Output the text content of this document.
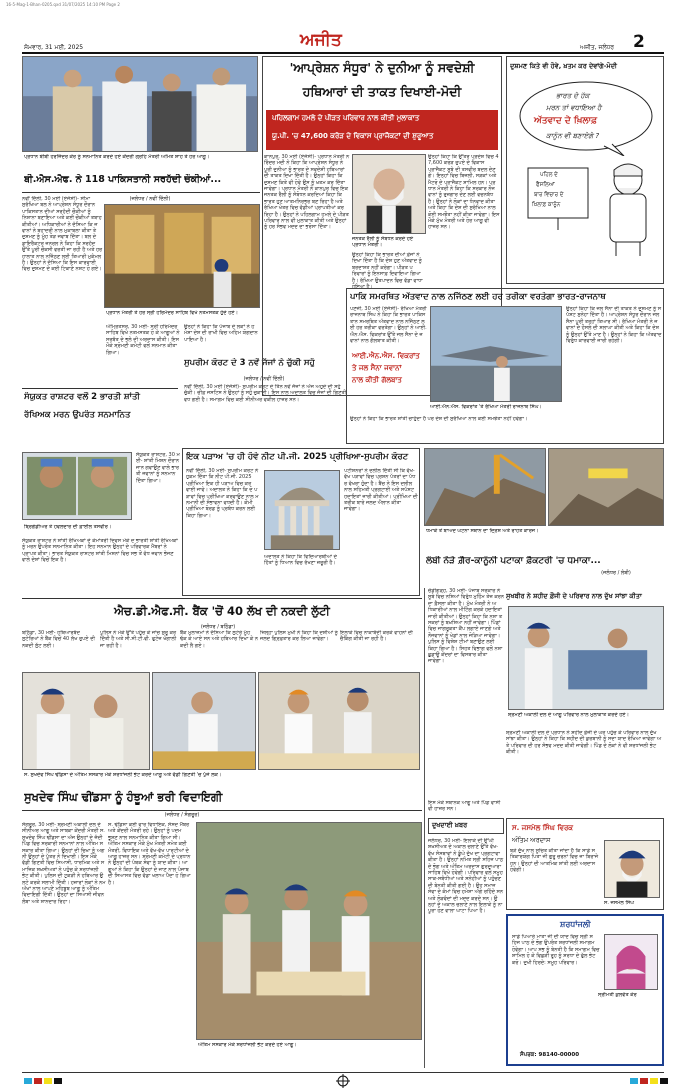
16-5-Mag-1-Bhan-0205.qxd 31/07/2025 14:10 PM Page 2
ਸੋਮਵਾਰ, 31 ਮਈ, 2025	ਅਜੀਤ	ਅਜੀਤ, ਜਲੰਧਰ 2
ਪ੍ਰਧਾਨ ਬੀਬੀ ਹਰਜਿੰਦਰ ਕੌਰ ਨੂੰ ਸਨਮਾਨਿਤ ਕਰਦੇ ਹੋਏ ਕੇਂਦਰੀ ਗ੍ਰਹਿ ਮੰਤਰੀ ਅਮਿਤ ਸ਼ਾਹ ਤੇ ਹੋਰ ਆਗੂ।
ਬੀ.ਐਸ.ਐਫ. ਨੇ 118 ਪਾਕਿਸਤਾਨੀ ਸਰਹੱਦੀ ਚੌਕੀਆਂ...
ਨਵੀਂ ਦਿੱਲੀ, 30 ਮਈ (ਏਜੰਸੀ)- ਸੀਮਾ ਸੁਰੱਖਿਆ ਬਲ ਨੇ ਆਪ੍ਰੇਸ਼ਨ ਸੰਧੂਰ ਦੌਰਾਨ ਪਾਕਿਸਤਾਨ ਦੀਆਂ ਸਰਹੱਦੀ ਚੌਕੀਆਂ ਨੂੰ ਨਿਸ਼ਾਨਾ ਬਣਾਇਆ ਅਤੇ ਕਈ ਚੌਕੀਆਂ ਤਬਾਹ ਕੀਤੀਆਂ। ਅਧਿਕਾਰੀਆਂ ਨੇ ਦੱਸਿਆ ਕਿ ਜਵਾਨਾਂ ਨੇ ਬਹਾਦਰੀ ਨਾਲ ਮੁਕਾਬਲਾ ਕੀਤਾ ਤੇ ਦੁਸ਼ਮਣ ਨੂੰ ਮੂੰਹ ਤੋੜ ਜਵਾਬ ਦਿੱਤਾ। ਬਲ ਦੇ ਡਾਇਰੈਕਟਰ ਜਨਰਲ ਨੇ ਕਿਹਾ ਕਿ ਸਰਹੱਦ ਉੱਤੇ ਪੂਰੀ ਚੌਕਸੀ ਵਰਤੀ ਜਾ ਰਹੀ ਹੈ ਅਤੇ ਹਰ ਹਾਲਾਤ ਨਾਲ ਨਜਿੱਠਣ ਲਈ ਤਿਆਰੀ ਮੁਕੰਮਲ ਹੈ। ਉਨ੍ਹਾਂ ਨੇ ਦੱਸਿਆ ਕਿ ਇਸ ਕਾਰਵਾਈ ਵਿਚ ਦੁਸ਼ਮਣ ਦੇ ਕਈ ਟਿਕਾਣੇ ਨਸ਼ਟ ਹੋ ਗਏ।
(ਜਲੰਧਰ / ਨਵੀਂ ਦਿੱਲੀ)
ਪ੍ਰਧਾਨ ਮੰਤਰੀ ਤੇ ਹੋਰ ਸ੍ਰੀ ਹਰਿਮੰਦਰ ਸਾਹਿਬ ਵਿਖੇ ਨਤਮਸਤਕ ਹੁੰਦੇ ਹੋਏ।
ਅੰਮ੍ਰਿਤਸਰ, 30 ਮਈ- ਸ੍ਰੀ ਹਰਿਮੰਦਰ ਸਾਹਿਬ ਵਿਖੇ ਨਤਮਸਤਕ ਹੋ ਕੇ ਆਗੂਆਂ ਨੇ ਸਰਬੱਤ ਦੇ ਭਲੇ ਦੀ ਅਰਦਾਸ ਕੀਤੀ। ਇਸ ਮੌਕੇ ਸ਼੍ਰੋਮਣੀ ਕਮੇਟੀ ਵਲੋਂ ਸਨਮਾਨ ਕੀਤਾ ਗਿਆ।
ਉਨ੍ਹਾਂ ਨੇ ਕਿਹਾ ਕਿ ਪੰਜਾਬ ਦੇ ਲੋਕਾਂ ਨੇ ਹਮੇਸ਼ਾ ਦੇਸ਼ ਦੀ ਰਾਖੀ ਵਿਚ ਅਹਿਮ ਯੋਗਦਾਨ ਪਾਇਆ ਹੈ।
ਸੁਪਰੀਮ ਕੋਰਟ ਦੇ 3 ਨਵੇਂ ਜੱਜਾਂ ਨੇ ਚੁੱਕੀ ਸਹੁੰ
(ਜਲੰਧਰ / ਨਵੀਂ ਦਿੱਲੀ)
ਨਵੀਂ ਦਿੱਲੀ, 30 ਮਈ (ਏਜੰਸੀ)- ਸੁਪਰੀਮ ਕੋਰਟ ਦੇ ਤਿੰਨ ਨਵੇਂ ਜੱਜਾਂ ਨੇ ਅੱਜ ਅਹੁਦੇ ਦੀ ਸਹੁੰ ਚੁੱਕੀ। ਚੀਫ਼ ਜਸਟਿਸ ਨੇ ਉਨ੍ਹਾਂ ਨੂੰ ਸਹੁੰ ਚੁਕਾਈ। ਇਸ ਨਾਲ ਅਦਾਲਤ ਵਿਚ ਜੱਜਾਂ ਦੀ ਗਿਣਤੀ ਵਧ ਗਈ ਹੈ। ਸਮਾਗਮ ਵਿਚ ਕਈ ਸੀਨੀਅਰ ਵਕੀਲ ਹਾਜ਼ਰ ਸਨ।
ਸੰਯੁਕਤ ਰਾਸ਼ਟਰ ਵਲੋਂ 2 ਭਾਰਤੀ ਸ਼ਾਂਤੀ
ਰੱਖਿਅਕ ਮਰਨ ਉਪਰੰਤ ਸਨਮਾਨਿਤ
ਸੰਯੁਕਤ ਰਾਸ਼ਟਰ, 30 ਮਈ- ਸ਼ਾਂਤੀ ਮਿਸ਼ਨ ਦੌਰਾਨ ਜਾਨ ਗਵਾਉਣ ਵਾਲੇ ਭਾਰਤੀ ਜਵਾਨਾਂ ਨੂੰ ਸਨਮਾਨ ਦਿੱਤਾ ਗਿਆ।
ਬ੍ਰਿਗੇਡੀਅਰ ਤੇ ਹਵਲਦਾਰ ਦੀ ਫ਼ਾਈਲ ਤਸਵੀਰ।
ਸੰਯੁਕਤ ਰਾਸ਼ਟਰ ਨੇ ਸ਼ਾਂਤੀ ਰੱਖਿਅਕਾਂ ਦੇ ਕੌਮਾਂਤਰੀ ਦਿਵਸ ਮੌਕੇ ਦੋ ਭਾਰਤੀ ਸ਼ਾਂਤੀ ਰੱਖਿਅਕਾਂ ਨੂੰ ਮਰਨ ਉਪਰੰਤ ਸਨਮਾਨਿਤ ਕੀਤਾ। ਇਹ ਸਨਮਾਨ ਉਨ੍ਹਾਂ ਦੇ ਪਰਿਵਾਰਕ ਮੈਂਬਰਾਂ ਨੇ ਪ੍ਰਾਪਤ ਕੀਤਾ। ਭਾਰਤ ਸੰਯੁਕਤ ਰਾਸ਼ਟਰ ਸ਼ਾਂਤੀ ਮਿਸ਼ਨਾਂ ਵਿਚ ਸਭ ਤੋਂ ਵੱਧ ਜਵਾਨ ਭੇਜਣ ਵਾਲੇ ਦੇਸ਼ਾਂ ਵਿਚੋਂ ਇਕ ਹੈ।
'ਆਪ੍ਰੇਸ਼ਨ ਸੰਧੂਰ' ਨੇ ਦੁਨੀਆ ਨੂੰ ਸਵਦੇਸ਼ੀ
ਹਥਿਆਰਾਂ ਦੀ ਤਾਕਤ ਦਿਖਾਈ-ਮੋਦੀ
ਪਹਿਲਗਾਮ ਹਮਲੇ ਦੇ ਪੀੜਤ ਪਰਿਵਾਰ ਨਾਲ ਕੀਤੀ ਮੁਲਾਕਾਤ
ਯੂ.ਪੀ. 'ਚ 47,600 ਕਰੋੜ ਦੇ ਵਿਕਾਸ ਪ੍ਰਾਜੈਕਟਾਂ ਦੀ ਸ਼ੁਰੂਆਤ
ਕਾਨਪੁਰ, 30 ਮਈ (ਏਜੰਸੀ)- ਪ੍ਰਧਾਨ ਮੰਤਰੀ ਨਰਿੰਦਰ ਮੋਦੀ ਨੇ ਕਿਹਾ ਕਿ ਆਪ੍ਰੇਸ਼ਨ ਸੰਧੂਰ ਨੇ ਪੂਰੀ ਦੁਨੀਆ ਨੂੰ ਭਾਰਤ ਦੇ ਸਵਦੇਸ਼ੀ ਹਥਿਆਰਾਂ ਦੀ ਤਾਕਤ ਦਿਖਾ ਦਿੱਤੀ ਹੈ। ਉਨ੍ਹਾਂ ਕਿਹਾ ਕਿ ਦੁਸ਼ਮਣ ਕਿਤੇ ਵੀ ਹੋਵੇ ਉਸ ਨੂੰ ਖ਼ਤਮ ਕਰ ਦਿੱਤਾ ਜਾਵੇਗਾ। ਪ੍ਰਧਾਨ ਮੰਤਰੀ ਨੇ ਕਾਨਪੁਰ ਵਿਚ ਇਕ ਜਨਤਕ ਰੈਲੀ ਨੂੰ ਸੰਬੋਧਨ ਕਰਦਿਆਂ ਕਿਹਾ ਕਿ ਭਾਰਤ ਹੁਣ ਆਤਮਨਿਰਭਰ ਬਣ ਰਿਹਾ ਹੈ ਅਤੇ ਰੱਖਿਆ ਖੇਤਰ ਵਿਚ ਵੱਡੀਆਂ ਪ੍ਰਾਪਤੀਆਂ ਕਰ ਰਿਹਾ ਹੈ। ਉਨ੍ਹਾਂ ਨੇ ਪਹਿਲਗਾਮ ਹਮਲੇ ਦੇ ਪੀੜਤ ਪਰਿਵਾਰ ਨਾਲ ਵੀ ਮੁਲਾਕਾਤ ਕੀਤੀ ਅਤੇ ਉਨ੍ਹਾਂ ਨੂੰ ਹਰ ਸੰਭਵ ਮਦਦ ਦਾ ਭਰੋਸਾ ਦਿੱਤਾ।
ਜਨਤਕ ਰੈਲੀ ਨੂੰ ਸੰਬੋਧਨ ਕਰਦੇ ਹੋਏ ਪ੍ਰਧਾਨ ਮੰਤਰੀ।
ਉਨ੍ਹਾਂ ਕਿਹਾ ਕਿ ਉੱਤਰ ਪ੍ਰਦੇਸ਼ ਵਿਚ 47,600 ਕਰੋੜ ਰੁਪਏ ਦੇ ਵਿਕਾਸ ਪ੍ਰਾਜੈਕਟ ਸੂਬੇ ਦੀ ਤਸਵੀਰ ਬਦਲ ਦੇਣਗੇ। ਇਨ੍ਹਾਂ ਵਿਚ ਬਿਜਲੀ, ਸੜਕਾਂ ਅਤੇ ਮੈਟਰੋ ਦੇ ਪ੍ਰਾਜੈਕਟ ਸ਼ਾਮਿਲ ਹਨ। ਪ੍ਰਧਾਨ ਮੰਤਰੀ ਨੇ ਕਿਹਾ ਕਿ ਸਰਕਾਰ ਨੌਜਵਾਨਾਂ ਨੂੰ ਰੁਜ਼ਗਾਰ ਦੇਣ ਲਈ ਵਚਨਬੱਧ ਹੈ। ਉਨ੍ਹਾਂ ਨੇ ਲੋਕਾਂ ਦਾ ਧੰਨਵਾਦ ਕੀਤਾ ਅਤੇ ਕਿਹਾ ਕਿ ਦੇਸ਼ ਦੀ ਸੁਰੱਖਿਆ ਨਾਲ ਕੋਈ ਸਮਝੌਤਾ ਨਹੀਂ ਕੀਤਾ ਜਾਵੇਗਾ। ਇਸ ਮੌਕੇ ਮੁੱਖ ਮੰਤਰੀ ਅਤੇ ਹੋਰ ਆਗੂ ਵੀ ਹਾਜ਼ਰ ਸਨ।
ਉਨ੍ਹਾਂ ਕਿਹਾ ਕਿ ਭਾਰਤ ਦੀਆਂ ਫ਼ੌਜਾਂ ਨੇ ਦਿਖਾ ਦਿੱਤਾ ਹੈ ਕਿ ਦੇਸ਼ ਹੁਣ ਅੱਤਵਾਦ ਨੂੰ ਬਰਦਾਸ਼ਤ ਨਹੀਂ ਕਰੇਗਾ। ਪੀੜਤ ਪਰਿਵਾਰਾਂ ਨੂੰ ਇਨਸਾਫ਼ ਦਿਵਾਇਆ ਗਿਆ ਹੈ। ਰੱਖਿਆ ਉਤਪਾਦਨ ਵਿਚ ਵੱਡਾ ਵਾਧਾ ਹੋਇਆ ਹੈ।
ਦੁਸ਼ਮਣ ਕਿਤੇ ਵੀ ਹੋਵੇ, ਖ਼ਤਮ ਕਰ ਦੇਵਾਂਗੇ-ਮੋਦੀ
ਭਾਰਤ ਦੇ ਹੱਕ
ਮਰਨ ਤਾਂ ਵਧਾਇਆ ਹੈ
ਅੱਤਵਾਦ ਦੇ ਖ਼ਿਲਾਫ਼
ਕਾਨੂੰਨ ਵੀ ਬਣਾਏਗੇ ?
ਪਹਿਲ ਦੇ
ਫੈਸਲਿਆਂ
ਬਾਰ ਵਿਚਾਰ ਦੇ
ਖ਼ਿਲਾਫ਼ ਕਾਨੂੰਨ
ਪਾਕਿ ਸਮਰਥਿਤ ਅੱਤਵਾਦ ਨਾਲ ਨਜਿੱਠਣ ਲਈ ਹਰ ਤਰੀਕਾ ਵਰਤੇਗਾ ਭਾਰਤ-ਰਾਜਨਾਥ
ਪਣਜੀ, 30 ਮਈ (ਏਜੰਸੀ)- ਰੱਖਿਆ ਮੰਤਰੀ ਰਾਜਨਾਥ ਸਿੰਘ ਨੇ ਕਿਹਾ ਕਿ ਭਾਰਤ ਪਾਕਿਸਤਾਨ ਸਮਰਥਿਤ ਅੱਤਵਾਦ ਨਾਲ ਨਜਿੱਠਣ ਲਈ ਹਰ ਤਰੀਕਾ ਵਰਤੇਗਾ। ਉਨ੍ਹਾਂ ਨੇ ਆਈ.ਐਨ.ਐਸ. ਵਿਕਰਾਂਤ ਉੱਤੇ ਜਲ ਸੈਨਾ ਦੇ ਜਵਾਨਾਂ ਨਾਲ ਗੱਲਬਾਤ ਕੀਤੀ।
ਆਈ.ਐਨ.ਐਸ. ਵਿਕਰਾਂਤ
ਤੇ ਜਲ ਸੈਨਾ ਜਵਾਨਾਂ
ਨਾਲ ਕੀਤੀ ਗੱਲਬਾਤ
ਉਨ੍ਹਾਂ ਕਿਹਾ ਕਿ ਜਲ ਸੈਨਾ ਦੀ ਤਾਕਤ ਨੇ ਦੁਸ਼ਮਣ ਨੂੰ ਸਪੱਸ਼ਟ ਸੁਨੇਹਾ ਦਿੱਤਾ ਹੈ। ਆਪ੍ਰੇਸ਼ਨ ਸੰਧੂਰ ਦੌਰਾਨ ਜਲ ਸੈਨਾ ਪੂਰੀ ਤਰ੍ਹਾਂ ਤਿਆਰ ਸੀ। ਰੱਖਿਆ ਮੰਤਰੀ ਨੇ ਜਵਾਨਾਂ ਦੇ ਹੌਸਲੇ ਦੀ ਸ਼ਲਾਘਾ ਕੀਤੀ ਅਤੇ ਕਿਹਾ ਕਿ ਦੇਸ਼ ਨੂੰ ਉਨ੍ਹਾਂ ਉੱਤੇ ਮਾਣ ਹੈ। ਉਨ੍ਹਾਂ ਨੇ ਕਿਹਾ ਕਿ ਅੱਤਵਾਦ ਵਿਰੁੱਧ ਕਾਰਵਾਈ ਜਾਰੀ ਰਹੇਗੀ।
ਆਈ.ਐਨ.ਐਸ. ਵਿਕਰਾਂਤ 'ਤੇ ਰੱਖਿਆ ਮੰਤਰੀ ਰਾਜਨਾਥ ਸਿੰਘ।
ਉਨ੍ਹਾਂ ਨੇ ਕਿਹਾ ਕਿ ਭਾਰਤ ਸ਼ਾਂਤੀ ਚਾਹੁੰਦਾ ਹੈ ਪਰ ਦੇਸ਼ ਦੀ ਸੁਰੱਖਿਆ ਨਾਲ ਕੋਈ ਸਮਝੌਤਾ ਨਹੀਂ ਹੋਵੇਗਾ।
ਇਕ ਪੜਾਅ 'ਚ ਹੀ ਹੋਵੇ ਨੀਟ ਪੀ.ਜੀ. 2025 ਪ੍ਰੀਖਿਆ-ਸੁਪਰੀਮ ਕੋਰਟ
ਨਵੀਂ ਦਿੱਲੀ, 30 ਮਈ- ਸੁਪਰੀਮ ਕੋਰਟ ਨੇ ਹੁਕਮ ਦਿੱਤਾ ਕਿ ਨੀਟ ਪੀ.ਜੀ. 2025 ਪ੍ਰੀਖਿਆ ਇਕ ਹੀ ਪੜਾਅ ਵਿਚ ਕਰਵਾਈ ਜਾਵੇ। ਅਦਾਲਤ ਨੇ ਕਿਹਾ ਕਿ ਦੋ ਪੜਾਵਾਂ ਵਿਚ ਪ੍ਰੀਖਿਆ ਕਰਵਾਉਣ ਨਾਲ ਮਨਮਾਨੀ ਦੀ ਸੰਭਾਵਨਾ ਵਧਦੀ ਹੈ। ਕੌਮੀ ਪ੍ਰੀਖਿਆ ਬੋਰਡ ਨੂੰ ਪ੍ਰਬੰਧ ਕਰਨ ਲਈ ਕਿਹਾ ਗਿਆ।
ਅਦਾਲਤ ਨੇ ਕਿਹਾ ਕਿ ਵਿਦਿਆਰਥੀਆਂ ਦੇ ਹਿੱਤਾਂ ਨੂੰ ਧਿਆਨ ਵਿਚ ਰੱਖਣਾ ਜ਼ਰੂਰੀ ਹੈ।
ਪਟੀਸ਼ਨਰਾਂ ਨੇ ਦਲੀਲ ਦਿੱਤੀ ਸੀ ਕਿ ਵੱਖ-ਵੱਖ ਪੜਾਵਾਂ ਵਿਚ ਪ੍ਰਸ਼ਨ ਪੱਤਰਾਂ ਦਾ ਪੱਧਰ ਵੱਖਰਾ ਹੁੰਦਾ ਹੈ। ਬੈਂਚ ਨੇ ਇਸ ਦਲੀਲ ਨਾਲ ਸਹਿਮਤੀ ਪ੍ਰਗਟਾਈ ਅਤੇ ਸਪੱਸ਼ਟ ਹਦਾਇਤਾਂ ਜਾਰੀ ਕੀਤੀਆਂ। ਪ੍ਰੀਖਿਆ ਦੀ ਤਰੀਕ ਬਾਰੇ ਜਲਦ ਐਲਾਨ ਕੀਤਾ ਜਾਵੇਗਾ।
ਧਮਾਕੇ ਤੋਂ ਬਾਅਦ ਘਟਨਾ ਸਥਾਨ ਦਾ ਦ੍ਰਿਸ਼ ਅਤੇ ਰਾਹਤ ਕਾਰਜ।
ਲੰਬੀ ਨੇੜੇ ਗ਼ੈਰ-ਕਾਨੂੰਨੀ ਪਟਾਕਾ ਫ਼ੈਕਟਰੀ 'ਚ ਧਮਾਕਾ...
(ਜਲੰਧਰ / ਲੰਬੀ)
ਐਚ.ਡੀ.ਐਫ.ਸੀ. ਬੈਂਕ 'ਚੋਂ 40 ਲੱਖ ਦੀ ਨਕਦੀ ਲੁੱਟੀ
(ਜਲੰਧਰ / ਬਠਿੰਡਾ)
ਬਠਿੰਡਾ, 30 ਮਈ- ਹਥਿਆਰਬੰਦ ਲੁਟੇਰਿਆਂ ਨੇ ਬੈਂਕ ਵਿਚੋਂ 40 ਲੱਖ ਰੁਪਏ ਦੀ ਨਕਦੀ ਲੁੱਟ ਲਈ।
ਪੁਲਿਸ ਨੇ ਮੌਕੇ ਉੱਤੇ ਪਹੁੰਚ ਕੇ ਜਾਂਚ ਸ਼ੁਰੂ ਕਰ ਦਿੱਤੀ ਹੈ ਅਤੇ ਸੀ.ਸੀ.ਟੀ.ਵੀ. ਫੁਟੇਜ ਖੰਗਾਲੀ ਜਾ ਰਹੀ ਹੈ।
ਬੈਂਕ ਮੁਲਾਜ਼ਮਾਂ ਨੇ ਦੱਸਿਆ ਕਿ ਲੁਟੇਰੇ ਮੂੰਹ ਢੱਕ ਕੇ ਆਏ ਸਨ ਅਤੇ ਹਥਿਆਰ ਦਿਖਾ ਕੇ ਨਕਦੀ ਲੈ ਗਏ।
ਜ਼ਿਲ੍ਹਾ ਪੁਲਿਸ ਮੁਖੀ ਨੇ ਕਿਹਾ ਕਿ ਦੋਸ਼ੀਆਂ ਨੂੰ ਜਲਦ ਗ੍ਰਿਫ਼ਤਾਰ ਕਰ ਲਿਆ ਜਾਵੇਗਾ।
ਇਲਾਕੇ ਵਿਚ ਨਾਕਾਬੰਦੀ ਕਰਕੇ ਵਾਹਨਾਂ ਦੀ ਚੈਕਿੰਗ ਕੀਤੀ ਜਾ ਰਹੀ ਹੈ।
ਸ. ਸੁਖਦੇਵ ਸਿੰਘ ਢੀਂਡਸਾ ਦੇ ਅੰਤਿਮ ਸਸਕਾਰ ਮੌਕੇ ਸ਼ਰਧਾਂਜਲੀ ਭੇਟ ਕਰਦੇ ਆਗੂ ਅਤੇ ਵੱਡੀ ਗਿਣਤੀ 'ਚ ਪੁੱਜੇ ਲੋਕ।
ਸੁਖਦੇਵ ਸਿੰਘ ਢੀਂਡਸਾ ਨੂੰ ਹੰਝੂਆਂ ਭਰੀ ਵਿਦਾਇਗੀ
(ਜਲੰਧਰ / ਸੰਗਰੂਰ)
ਸੰਗਰੂਰ, 30 ਮਈ- ਸ਼੍ਰੋਮਣੀ ਅਕਾਲੀ ਦਲ ਦੇ ਸੀਨੀਅਰ ਆਗੂ ਅਤੇ ਸਾਬਕਾ ਕੇਂਦਰੀ ਮੰਤਰੀ ਸ. ਸੁਖਦੇਵ ਸਿੰਘ ਢੀਂਡਸਾ ਦਾ ਅੱਜ ਉਨ੍ਹਾਂ ਦੇ ਜੱਦੀ ਪਿੰਡ ਵਿਚ ਸਰਕਾਰੀ ਸਨਮਾਨਾਂ ਨਾਲ ਅੰਤਿਮ ਸਸਕਾਰ ਕੀਤਾ ਗਿਆ। ਉਨ੍ਹਾਂ ਦੀ ਚਿਖਾ ਨੂੰ ਅਗਨੀ ਉਨ੍ਹਾਂ ਦੇ ਪੁੱਤਰ ਨੇ ਦਿਖਾਈ। ਇਸ ਮੌਕੇ ਵੱਡੀ ਗਿਣਤੀ ਵਿਚ ਸਿਆਸੀ, ਧਾਰਮਿਕ ਅਤੇ ਸਮਾਜਿਕ ਸ਼ਖ਼ਸੀਅਤਾਂ ਨੇ ਪਹੁੰਚ ਕੇ ਸ਼ਰਧਾਂਜਲੀ ਭੇਟ ਕੀਤੀ। ਪੁਲਿਸ ਦੀ ਟੁਕੜੀ ਨੇ ਹਥਿਆਰ ਉਲਟੇ ਕਰਕੇ ਸਲਾਮੀ ਦਿੱਤੀ। ਹਜ਼ਾਰਾਂ ਲੋਕਾਂ ਨੇ ਨਮ ਅੱਖਾਂ ਨਾਲ ਆਪਣੇ ਮਹਿਬੂਬ ਆਗੂ ਨੂੰ ਅੰਤਿਮ ਵਿਦਾਇਗੀ ਦਿੱਤੀ। ਉਨ੍ਹਾਂ ਦਾ ਸਿਆਸੀ ਜੀਵਨ ਲੰਬਾ ਅਤੇ ਸ਼ਾਨਦਾਰ ਰਿਹਾ।
ਸ. ਢੀਂਡਸਾ ਕਈ ਵਾਰ ਵਿਧਾਇਕ, ਸੰਸਦ ਮੈਂਬਰ ਅਤੇ ਕੇਂਦਰੀ ਮੰਤਰੀ ਰਹੇ। ਉਨ੍ਹਾਂ ਨੂੰ ਪਦਮ ਭੂਸ਼ਣ ਨਾਲ ਸਨਮਾਨਿਤ ਕੀਤਾ ਗਿਆ ਸੀ। ਅੰਤਿਮ ਸਸਕਾਰ ਮੌਕੇ ਮੁੱਖ ਮੰਤਰੀ ਸਮੇਤ ਕਈ ਮੰਤਰੀ, ਵਿਧਾਇਕ ਅਤੇ ਵੱਖ-ਵੱਖ ਪਾਰਟੀਆਂ ਦੇ ਆਗੂ ਹਾਜ਼ਰ ਸਨ। ਸ਼੍ਰੋਮਣੀ ਕਮੇਟੀ ਦੇ ਪ੍ਰਧਾਨ ਨੇ ਉਨ੍ਹਾਂ ਦੀ ਪੰਥਕ ਸੇਵਾ ਨੂੰ ਯਾਦ ਕੀਤਾ। ਆਗੂਆਂ ਨੇ ਕਿਹਾ ਕਿ ਉਨ੍ਹਾਂ ਦੇ ਜਾਣ ਨਾਲ ਪੰਜਾਬ ਦੀ ਸਿਆਸਤ ਵਿਚ ਵੱਡਾ ਖਲਾਅ ਪੈਦਾ ਹੋ ਗਿਆ ਹੈ।
ਅੰਤਿਮ ਸਸਕਾਰ ਮੌਕੇ ਸ਼ਰਧਾਂਜਲੀ ਭੇਟ ਕਰਦੇ ਹੋਏ ਆਗੂ।
ਚੰਡੀਗੜ੍ਹ, 30 ਮਈ- ਪੰਜਾਬ ਸਰਕਾਰ ਨੇ ਸੂਬੇ ਵਿਚ ਨਸ਼ਿਆਂ ਵਿਰੁੱਧ ਮੁਹਿੰਮ ਤੇਜ਼ ਕਰਨ ਦਾ ਫ਼ੈਸਲਾ ਕੀਤਾ ਹੈ। ਮੁੱਖ ਮੰਤਰੀ ਨੇ ਅਧਿਕਾਰੀਆਂ ਨਾਲ ਮੀਟਿੰਗ ਕਰਕੇ ਹਦਾਇਤਾਂ ਜਾਰੀ ਕੀਤੀਆਂ। ਉਨ੍ਹਾਂ ਕਿਹਾ ਕਿ ਨਸ਼ਾ ਤਸਕਰਾਂ ਨੂੰ ਬਖ਼ਸ਼ਿਆ ਨਹੀਂ ਜਾਵੇਗਾ। ਪਿੰਡਾਂ ਵਿਚ ਜਾਗਰੂਕਤਾ ਕੈਂਪ ਲਗਾਏ ਜਾਣਗੇ ਅਤੇ ਨੌਜਵਾਨਾਂ ਨੂੰ ਖੇਡਾਂ ਨਾਲ ਜੋੜਿਆ ਜਾਵੇਗਾ। ਪੁਲਿਸ ਨੂੰ ਵਿਸ਼ੇਸ਼ ਟੀਮਾਂ ਬਣਾਉਣ ਲਈ ਕਿਹਾ ਗਿਆ ਹੈ। ਸਿਹਤ ਵਿਭਾਗ ਵਲੋਂ ਨਸ਼ਾ ਛੁਡਾਊ ਕੇਂਦਰਾਂ ਦਾ ਵਿਸਥਾਰ ਕੀਤਾ ਜਾਵੇਗਾ।
ਸੁਖਬੀਰ ਨੇ ਸ਼ਹੀਦ ਫ਼ੌਜੀ ਦੇ ਪਰਿਵਾਰ ਨਾਲ ਦੁੱਖ ਸਾਂਝਾ ਕੀਤਾ
ਸ਼੍ਰੋਮਣੀ ਅਕਾਲੀ ਦਲ ਦੇ ਆਗੂ ਪਰਿਵਾਰ ਨਾਲ ਮੁਲਾਕਾਤ ਕਰਦੇ ਹੋਏ।
ਇਸ ਮੌਕੇ ਸਥਾਨਕ ਆਗੂ ਅਤੇ ਪਿੰਡ ਵਾਸੀ ਵੀ ਹਾਜ਼ਰ ਸਨ।
ਸ਼੍ਰੋਮਣੀ ਅਕਾਲੀ ਦਲ ਦੇ ਪ੍ਰਧਾਨ ਨੇ ਸ਼ਹੀਦ ਫ਼ੌਜੀ ਦੇ ਘਰ ਪਹੁੰਚ ਕੇ ਪਰਿਵਾਰ ਨਾਲ ਦੁੱਖ ਸਾਂਝਾ ਕੀਤਾ। ਉਨ੍ਹਾਂ ਨੇ ਕਿਹਾ ਕਿ ਸ਼ਹੀਦ ਦੀ ਕੁਰਬਾਨੀ ਨੂੰ ਸਦਾ ਯਾਦ ਰੱਖਿਆ ਜਾਵੇਗਾ ਅਤੇ ਪਰਿਵਾਰ ਦੀ ਹਰ ਸੰਭਵ ਮਦਦ ਕੀਤੀ ਜਾਵੇਗੀ। ਪਿੰਡ ਦੇ ਲੋਕਾਂ ਨੇ ਵੀ ਸ਼ਰਧਾਂਜਲੀ ਭੇਟ ਕੀਤੀ।
ਦੁਖਦਾਈ ਖ਼ਬਰ
ਜਲੰਧਰ, 30 ਮਈ- ਇਲਾਕੇ ਦੀ ਉੱਘੀ ਸ਼ਖ਼ਸੀਅਤ ਦੇ ਅਕਾਲ ਚਲਾਣੇ ਉੱਤੇ ਵੱਖ-ਵੱਖ ਸੰਸਥਾਵਾਂ ਨੇ ਡੂੰਘੇ ਦੁੱਖ ਦਾ ਪ੍ਰਗਟਾਵਾ ਕੀਤਾ ਹੈ। ਉਨ੍ਹਾਂ ਨਮਿਤ ਸ੍ਰੀ ਸਹਿਜ ਪਾਠ ਦੇ ਭੋਗ ਅਤੇ ਅੰਤਿਮ ਅਰਦਾਸ ਗੁਰਦੁਆਰਾ ਸਾਹਿਬ ਵਿਖੇ ਹੋਵੇਗੀ। ਪਰਿਵਾਰ ਵਲੋਂ ਸਮੂਹ ਸਾਕ-ਸਬੰਧੀਆਂ ਅਤੇ ਸਨੇਹੀਆਂ ਨੂੰ ਪਹੁੰਚਣ ਦੀ ਬੇਨਤੀ ਕੀਤੀ ਗਈ ਹੈ। ਉਹ ਸਮਾਜ ਸੇਵਾ ਦੇ ਕੰਮਾਂ ਵਿਚ ਹਮੇਸ਼ਾ ਅੱਗੇ ਰਹਿੰਦੇ ਸਨ ਅਤੇ ਲੋੜਵੰਦਾਂ ਦੀ ਮਦਦ ਕਰਦੇ ਸਨ। ਉਨ੍ਹਾਂ ਦੇ ਅਕਾਲ ਚਲਾਣੇ ਨਾਲ ਇਲਾਕੇ ਨੂੰ ਨਾ ਪੂਰਾ ਹੋਣ ਵਾਲਾ ਘਾਟਾ ਪਿਆ ਹੈ।
ਸ. ਜਸਮੇਲ ਸਿੰਘ ਵਿਰਕ
ਅੰਤਿਮ ਅਰਦਾਸ
ਬੜੇ ਦੁੱਖ ਨਾਲ ਸੂਚਿਤ ਕੀਤਾ ਜਾਂਦਾ ਹੈ ਕਿ ਸਾਡੇ ਸਤਿਕਾਰਯੋਗ ਪਿਤਾ ਜੀ ਗੁਰੂ ਚਰਨਾਂ ਵਿਚ ਜਾ ਬਿਰਾਜੇ ਹਨ। ਉਨ੍ਹਾਂ ਦੀ ਆਤਮਿਕ ਸ਼ਾਂਤੀ ਲਈ ਅਰਦਾਸ ਹੋਵੇਗੀ।
ਸ. ਜਸਮੇਲ ਸਿੰਘ
ਸ਼ਰਧਾਂਜਲੀ
ਸ੍ਰੀਮਤੀ ਕੁਲਵੰਤ ਕੌਰ
ਸਾਡੇ ਪਿਆਰੇ ਮਾਤਾ ਜੀ ਦੀ ਯਾਦ ਵਿਚ ਸ੍ਰੀ ਸਹਿਜ ਪਾਠ ਦੇ ਭੋਗ ਉਪਰੰਤ ਸ਼ਰਧਾਂਜਲੀ ਸਮਾਗਮ ਹੋਵੇਗਾ। ਆਪ ਸਭ ਨੂੰ ਬੇਨਤੀ ਹੈ ਕਿ ਸਮਾਗਮ ਵਿਚ ਸ਼ਾਮਿਲ ਹੋ ਕੇ ਵਿਛੜੀ ਰੂਹ ਨੂੰ ਸ਼ਰਧਾ ਦੇ ਫੁੱਲ ਭੇਟ ਕਰੋ। ਦੁਖੀ ਹਿਰਦੇ: ਸਮੂਹ ਪਰਿਵਾਰ।
ਸੰਪਰਕ: 98140-00000
